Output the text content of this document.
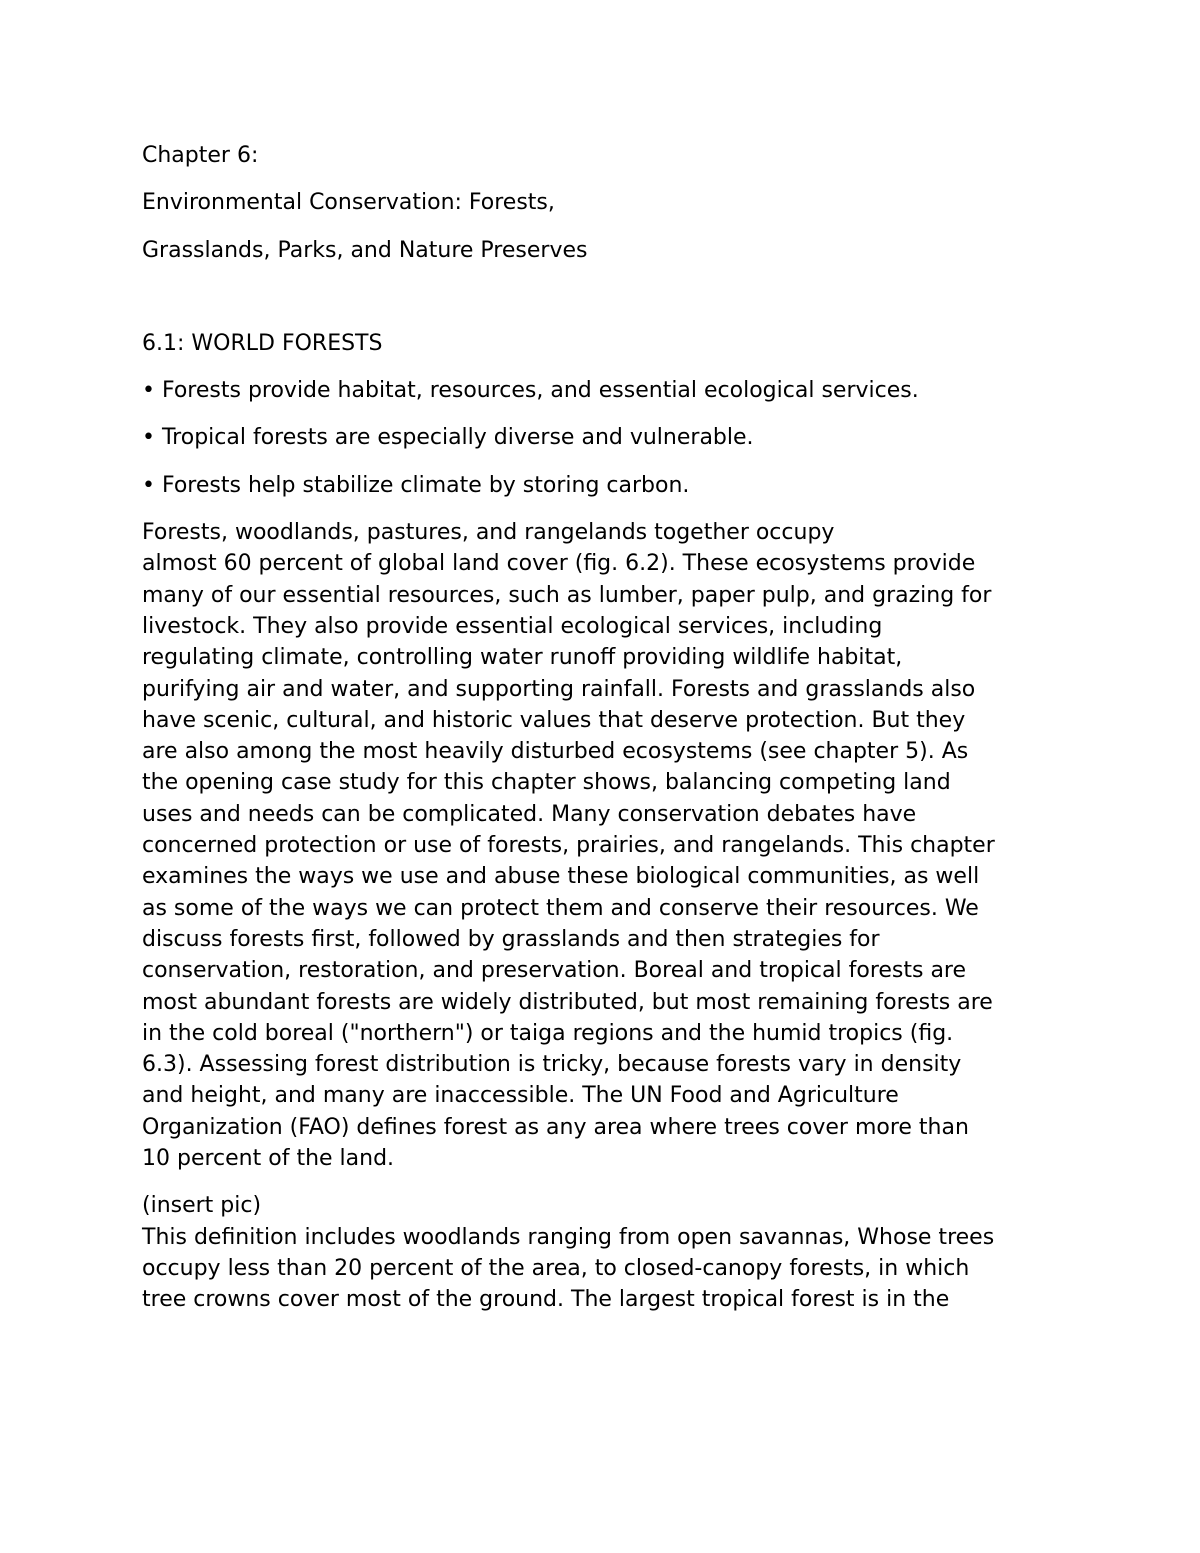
Chapter 6:

Environmental Conservation: Forests,

Grasslands, Parks, and Nature Preserves

6.1: WORLD FORESTS

• Forests provide habitat, resources, and essential ecological services.

• Tropical forests are especially diverse and vulnerable.

• Forests help stabilize climate by storing carbon.

Forests, woodlands, pastures, and rangelands together occupy

almost 60 percent of global land cover (fig. 6.2). These ecosystems provide

many of our essential resources, such as lumber, paper pulp, and grazing for

livestock. They also provide essential ecological services, including

regulating climate, controlling water runoff providing wildlife habitat,

purifying air and water, and supporting rainfall. Forests and grasslands also

have scenic, cultural, and historic values that deserve protection. But they

are also among the most heavily disturbed ecosystems (see chapter 5). As

the opening case study for this chapter shows, balancing competing land

uses and needs can be complicated. Many conservation debates have

concerned protection or use of forests, prairies, and rangelands. This chapter

examines the ways we use and abuse these biological communities, as well

as some of the ways we can protect them and conserve their resources. We

discuss forests first, followed by grasslands and then strategies for

conservation, restoration, and preservation. Boreal and tropical forests are

most abundant forests are widely distributed, but most remaining forests are

in the cold boreal ("northern") or taiga regions and the humid tropics (fig.

6.3). Assessing forest distribution is tricky, because forests vary in density

and height, and many are inaccessible. The UN Food and Agriculture

Organization (FAO) defines forest as any area where trees cover more than

10 percent of the land.

(insert pic)

This definition includes woodlands ranging from open savannas, Whose trees

occupy less than 20 percent of the area, to closed-canopy forests, in which

tree crowns cover most of the ground. The largest tropical forest is in the
